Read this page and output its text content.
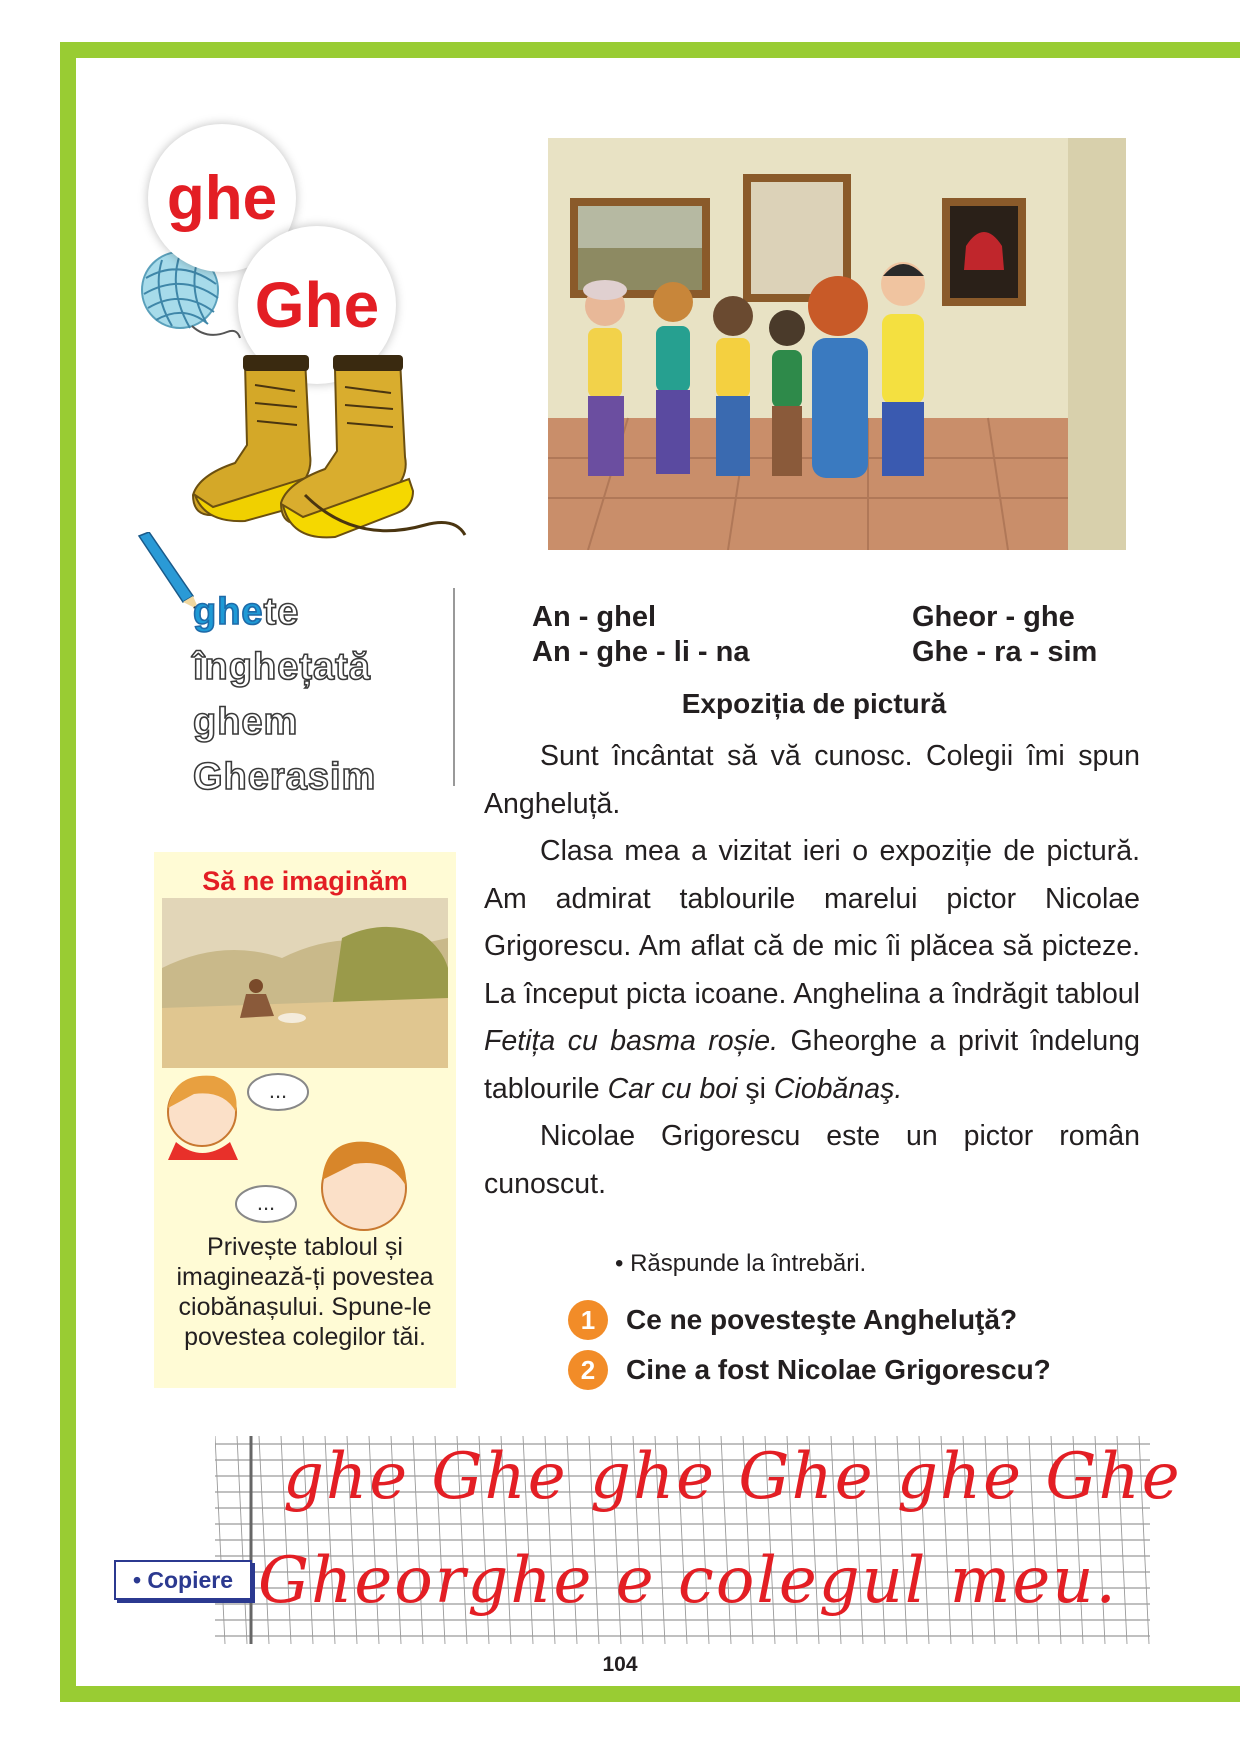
ghe
Ghe
ghete
înghețată
ghem
Gherasim
Să ne imaginăm
...
...
Privește tabloul și imaginează-ți povestea ciobănașului. Spune-le povestea colegilor tăi.
An - ghel
An - ghe - li - na
Gheor - ghe
Ghe - ra - sim
Expoziția de pictură

Sunt încântat să vă cunosc. Colegii îmi spun Angheluță.

Clasa mea a vizitat ieri o expoziție de pictură. Am admirat tablourile marelui pictor Nicolae Grigorescu. Am aflat că de mic îi plăcea să picteze. La început picta icoane. Anghelina a îndrăgit tabloul Fetița cu basma roșie. Gheorghe a privit îndelung tablourile Car cu boi şi Ciobănaş.

Nicolae Grigorescu este un pictor român cunoscut.

• Răspunde la întrebări.
1	Ce ne povesteşte Angheluţă?
2	Cine a fost Nicolae Grigorescu?
• Copiere
ghe Ghe ghe Ghe ghe Ghe
Gheorghe e colegul meu.
104
